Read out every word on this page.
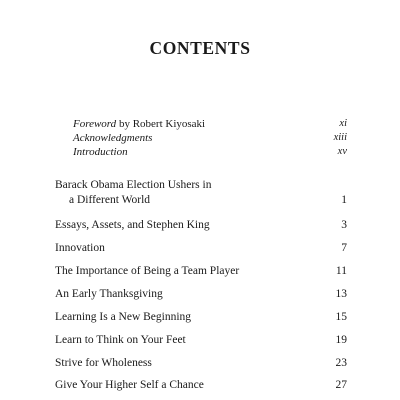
CONTENTS
Foreword by Robert Kiyosaki	xi
Acknowledgments	xiii
Introduction	xv
Barack Obama Election Ushers in
a Different World	1
Essays, Assets, and Stephen King	3
Innovation	7
The Importance of Being a Team Player	11
An Early Thanksgiving	13
Learning Is a New Beginning	15
Learn to Think on Your Feet	19
Strive for Wholeness	23
Give Your Higher Self a Chance	27
